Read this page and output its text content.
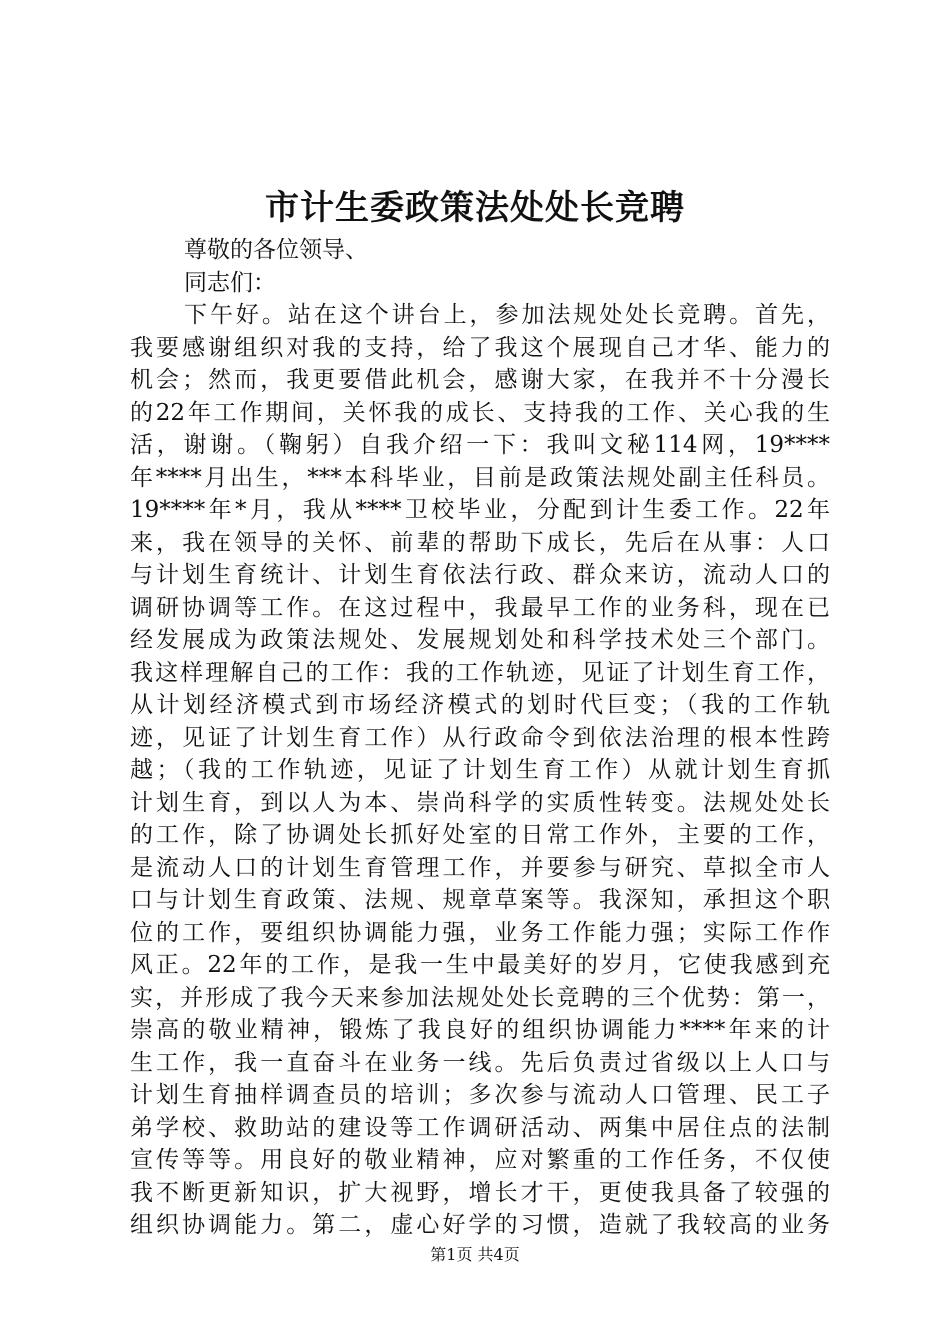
市计生委政策法处处长竞聘
尊敬的各位领导、
同志们：
下午好。站在这个讲台上，参加法规处处长竞聘。首先，
我要感谢组织对我的支持，给了我这个展现自己才华、能力的
机会；然而，我更要借此机会，感谢大家，在我并不十分漫长
的22年工作期间，关怀我的成长、支持我的工作、关心我的生
活，谢谢。（鞠躬）自我介绍一下：我叫文秘114网，19****
年****月出生，***本科毕业，目前是政策法规处副主任科员。
19****年*月，我从****卫校毕业，分配到计生委工作。22年
来，我在领导的关怀、前辈的帮助下成长，先后在从事：人口
与计划生育统计、计划生育依法行政、群众来访，流动人口的
调研协调等工作。在这过程中，我最早工作的业务科，现在已
经发展成为政策法规处、发展规划处和科学技术处三个部门。
我这样理解自己的工作：我的工作轨迹，见证了计划生育工作，
从计划经济模式到市场经济模式的划时代巨变；（我的工作轨
迹，见证了计划生育工作）从行政命令到依法治理的根本性跨
越；（我的工作轨迹，见证了计划生育工作）从就计划生育抓
计划生育，到以人为本、崇尚科学的实质性转变。法规处处长
的工作，除了协调处长抓好处室的日常工作外，主要的工作，
是流动人口的计划生育管理工作，并要参与研究、草拟全市人
口与计划生育政策、法规、规章草案等。我深知，承担这个职
位的工作，要组织协调能力强，业务工作能力强；实际工作作
风正。22年的工作，是我一生中最美好的岁月，它使我感到充
实，并形成了我今天来参加法规处处长竞聘的三个优势：第一，
崇高的敬业精神，锻炼了我良好的组织协调能力****年来的计
生工作，我一直奋斗在业务一线。先后负责过省级以上人口与
计划生育抽样调查员的培训；多次参与流动人口管理、民工子
弟学校、救助站的建设等工作调研活动、两集中居住点的法制
宣传等等。用良好的敬业精神，应对繁重的工作任务，不仅使
我不断更新知识，扩大视野，增长才干，更使我具备了较强的
组织协调能力。第二，虚心好学的习惯，造就了我较高的业务
第1页 共4页
